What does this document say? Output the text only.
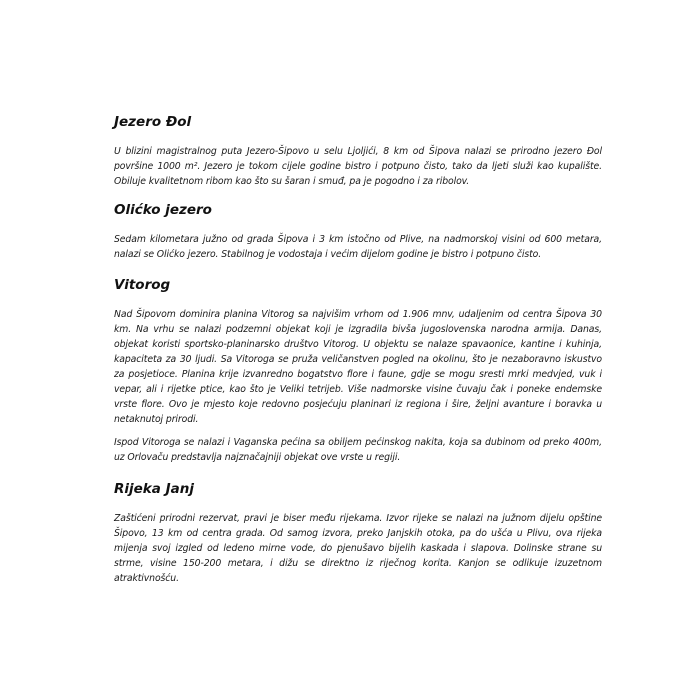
Jezero Đol

U blizini magistralnog puta Jezero-Šipovo u selu Ljoljići, 8 km od Šipova nalazi se prirodno jezero Đol površine 1000 m². Jezero je tokom cijele godine bistro i potpuno čisto, tako da ljeti služi kao kupalište. Obiluje kvalitetnom ribom kao što su šaran i smuđ, pa je pogodno i za ribolov.

Olićko jezero

Sedam kilometara južno od grada Šipova i 3 km istočno od Plive, na nadmorskoj visini od 600 metara, nalazi se Olićko jezero. Stabilnog je vodostaja i većim dijelom godine je bistro i potpuno čisto.

Vitorog

Nad Šipovom dominira planina Vitorog sa najvišim vrhom od 1.906 mnv, udaljenim od centra Šipova 30 km. Na vrhu se nalazi podzemni objekat koji je izgradila bivša jugoslovenska narodna armija. Danas, objekat koristi sportsko-planinarsko društvo Vitorog. U objektu se nalaze spavaonice, kantine i kuhinja, kapaciteta za 30 ljudi. Sa Vitoroga se pruža veličanstven pogled na okolinu, što je nezaboravno iskustvo za posjetioce. Planina krije izvanredno bogatstvo flore i faune, gdje se mogu sresti mrki medvjed, vuk i vepar, ali i rijetke ptice, kao što je Veliki tetrijeb. Više nadmorske visine čuvaju čak i poneke endemske vrste flore. Ovo je mjesto koje redovno posjećuju planinari iz regiona i šire, željni avanture i boravka u netaknutoj prirodi.

Ispod Vitoroga se nalazi i Vaganska pećina sa obiljem pećinskog nakita, koja sa dubinom od preko 400m, uz Orlovaču predstavlja najznačajniji objekat ove vrste u regiji.

Rijeka Janj

Zaštićeni prirodni rezervat, pravi je biser među rijekama. Izvor rijeke se nalazi na južnom dijelu opštine Šipovo, 13 km od centra grada. Od samog izvora, preko Janjskih otoka, pa do ušća u Plivu, ova rijeka mijenja svoj izgled od ledeno mirne vode, do pjenušavo bijelih kaskada i slapova. Dolinske strane su strme, visine 150-200 metara, i dižu se direktno iz riječnog korita. Kanjon se odlikuje izuzetnom atraktivnošću.
